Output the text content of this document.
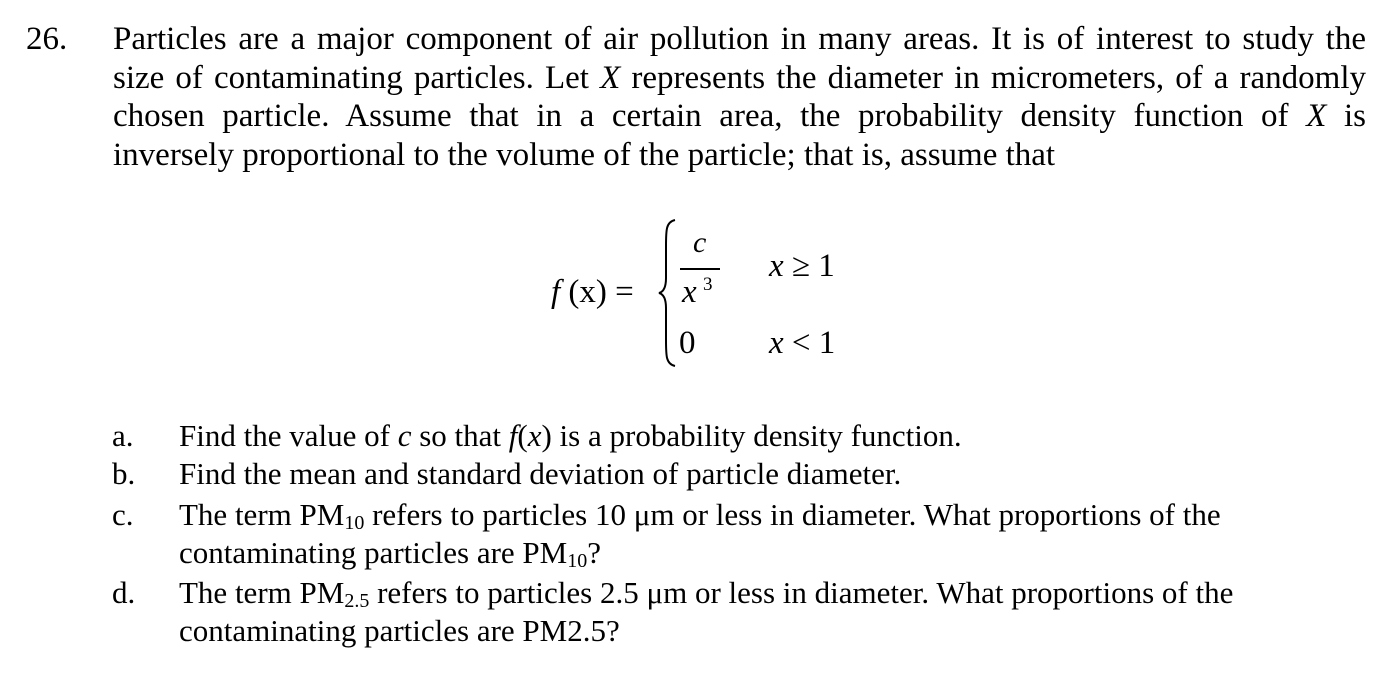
26. Particles are a major component of air pollution in many areas. It is of interest to study the
size of contaminating particles. Let X represents the diameter in micrometers, of a randomly
chosen particle. Assume that in a certain area, the probability density function of X is
inversely proportional to the volume of the particle; that is, assume that
f (x) =
c
x 3
x ≥ 1
0 x < 1
a. Find the value of c so that f(x) is a probability density function.
b. Find the mean and standard deviation of particle diameter.
c. The term $PM_{10}$ refers to particles 10 μm or less in diameter. What proportions of the
contaminating particles are $PM_{10}$?
d. The term $PM_{2.5}$ refers to particles 2.5 μm or less in diameter. What proportions of the
contaminating particles are PM2.5?
